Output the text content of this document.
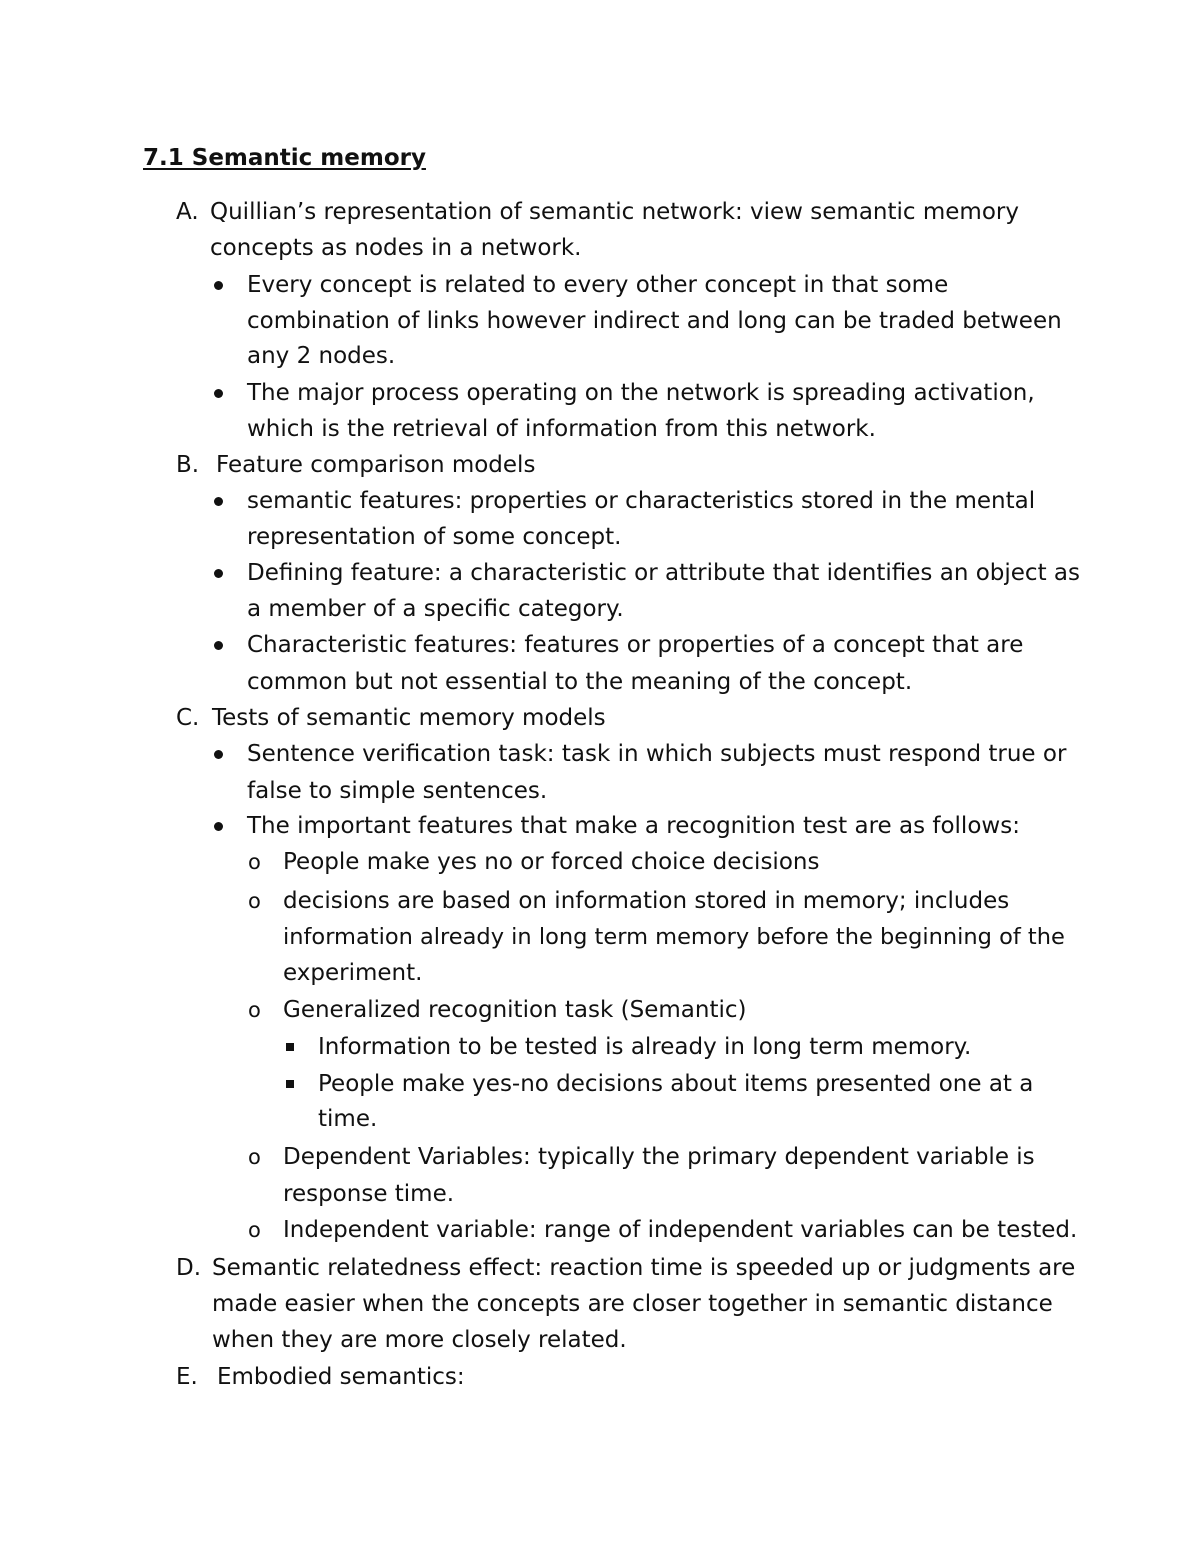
7.1 Semantic memory
A. Quillian’s representation of semantic network: view semantic memory
concepts as nodes in a network.
Every concept is related to every other concept in that some
combination of links however indirect and long can be traded between
any 2 nodes.
The major process operating on the network is spreading activation,
which is the retrieval of information from this network.
B. Feature comparison models
semantic features: properties or characteristics stored in the mental
representation of some concept.
Defining feature: a characteristic or attribute that identifies an object as
a member of a specific category.
Characteristic features: features or properties of a concept that are
common but not essential to the meaning of the concept.
C. Tests of semantic memory models
Sentence verification task: task in which subjects must respond true or
false to simple sentences.
The important features that make a recognition test are as follows:
o People make yes no or forced choice decisions
o decisions are based on information stored in memory; includes
information already in long term memory before the beginning of the
experiment.
o Generalized recognition task (Semantic)
Information to be tested is already in long term memory.
People make yes-no decisions about items presented one at a
time.
o Dependent Variables: typically the primary dependent variable is
response time.
o Independent variable: range of independent variables can be tested.
D. Semantic relatedness effect: reaction time is speeded up or judgments are
made easier when the concepts are closer together in semantic distance
when they are more closely related.
E. Embodied semantics:
